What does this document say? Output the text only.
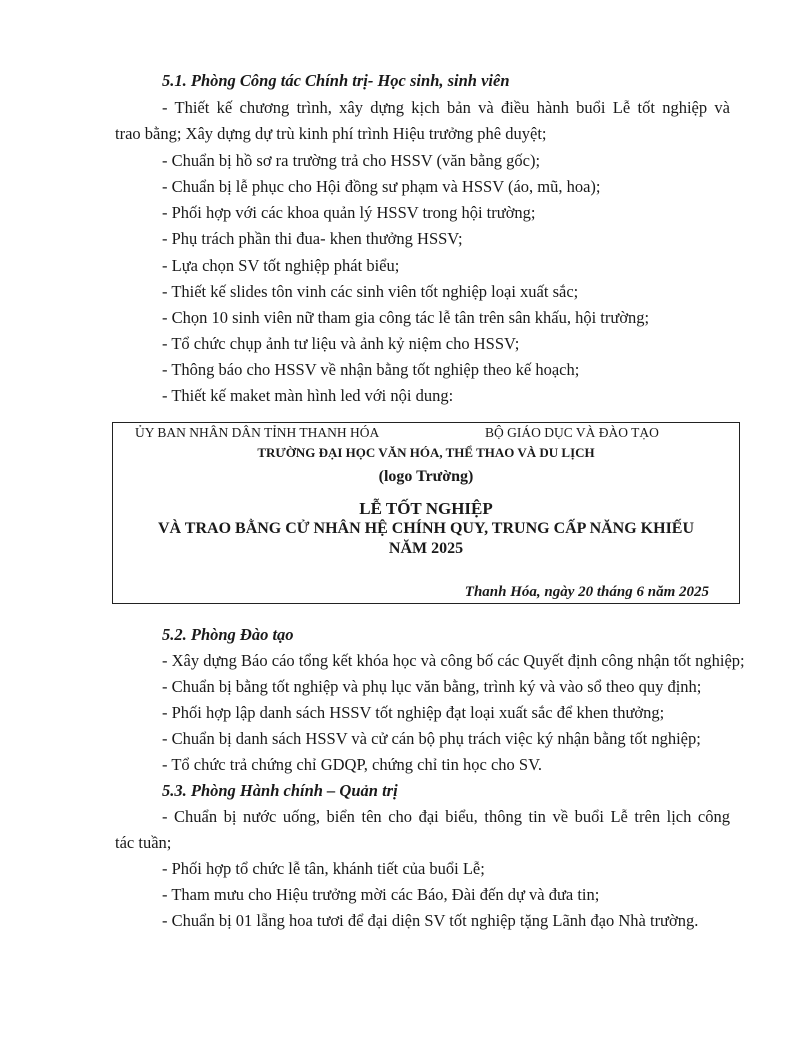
5.1. Phòng Công tác Chính trị- Học sinh, sinh viên
- Thiết kế chương trình, xây dựng kịch bản và điều hành buổi Lễ tốt nghiệp và
trao bằng; Xây dựng dự trù kinh phí trình Hiệu trưởng phê duyệt;
- Chuẩn bị hồ sơ ra trường trả cho HSSV (văn bằng gốc);
- Chuẩn bị lễ phục cho Hội đồng sư phạm và HSSV (áo, mũ, hoa);
- Phối hợp với các khoa quản lý HSSV trong hội trường;
- Phụ trách phần thi đua- khen thưởng HSSV;
- Lựa chọn SV tốt nghiệp phát biểu;
- Thiết kế slides tôn vinh các sinh viên tốt nghiệp loại xuất sắc;
- Chọn 10 sinh viên nữ tham gia công tác lễ tân trên sân khấu, hội trường;
- Tổ chức chụp ảnh tư liệu và ảnh kỷ niệm cho HSSV;
- Thông báo cho HSSV về nhận bằng tốt nghiệp theo kế hoạch;
- Thiết kế maket màn hình led với nội dung:
ỦY BAN NHÂN DÂN TỈNH THANH HÓA	BỘ GIÁO DỤC VÀ ĐÀO TẠO
TRƯỜNG ĐẠI HỌC VĂN HÓA, THỂ THAO VÀ DU LỊCH
(logo Trường)
LỄ TỐT NGHIỆP
VÀ TRAO BẰNG CỬ NHÂN HỆ CHÍNH QUY, TRUNG CẤP NĂNG KHIẾU
NĂM 2025
Thanh Hóa, ngày 20 tháng 6 năm 2025
5.2. Phòng Đào tạo
- Xây dựng Báo cáo tổng kết khóa học và công bố các Quyết định công nhận tốt nghiệp;
- Chuẩn bị bằng tốt nghiệp và phụ lục văn bằng, trình ký và vào sổ theo quy định;
- Phối hợp lập danh sách HSSV tốt nghiệp đạt loại xuất sắc để khen thưởng;
- Chuẩn bị danh sách HSSV và cử cán bộ phụ trách việc ký nhận bằng tốt nghiệp;
- Tổ chức trả chứng chỉ GDQP, chứng chỉ tin học cho SV.
5.3. Phòng Hành chính – Quản trị
- Chuẩn bị nước uống, biển tên cho đại biểu, thông tin về buổi Lễ trên lịch công
tác tuần;
- Phối hợp tổ chức lễ tân, khánh tiết của buổi Lễ;
- Tham mưu cho Hiệu trưởng mời các Báo, Đài đến dự và đưa tin;
- Chuẩn bị 01 lẵng hoa tươi để đại diện SV tốt nghiệp tặng Lãnh đạo Nhà trường.
